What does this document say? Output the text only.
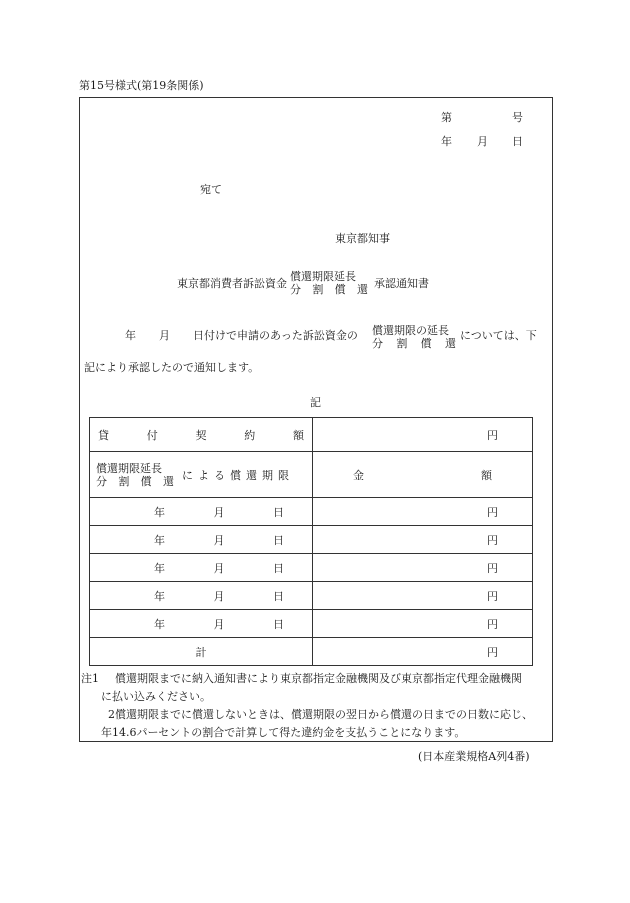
第15号様式(第19条関係)
第	号
年 月 日
宛て
東京都知事
東京都消費者訴訟資金 償還期限延長
分割償還 承認通知書
年 月 日付けで申請のあった訴訟資金の 償還期限の延長
分割償還
については、下
記により承認したので通知します。
記
貸付契約額	円

償還期限延長
分割償還 による償還期限	金額

年 月 日	円

年 月 日	円

年 月 日	円

年 月 日	円

年 月 日	円
計	円
注1	償還期限までに納入通知書により東京都指定金融機関及び東京都指定代理金融機関
に払い込みください。
2 償還期限までに償還しないときは、償還期限の翌日から償還の日までの日数に応じ、
年14.6パーセントの割合で計算して得た違約金を支払うことになります。
(日本産業規格A列4番)
